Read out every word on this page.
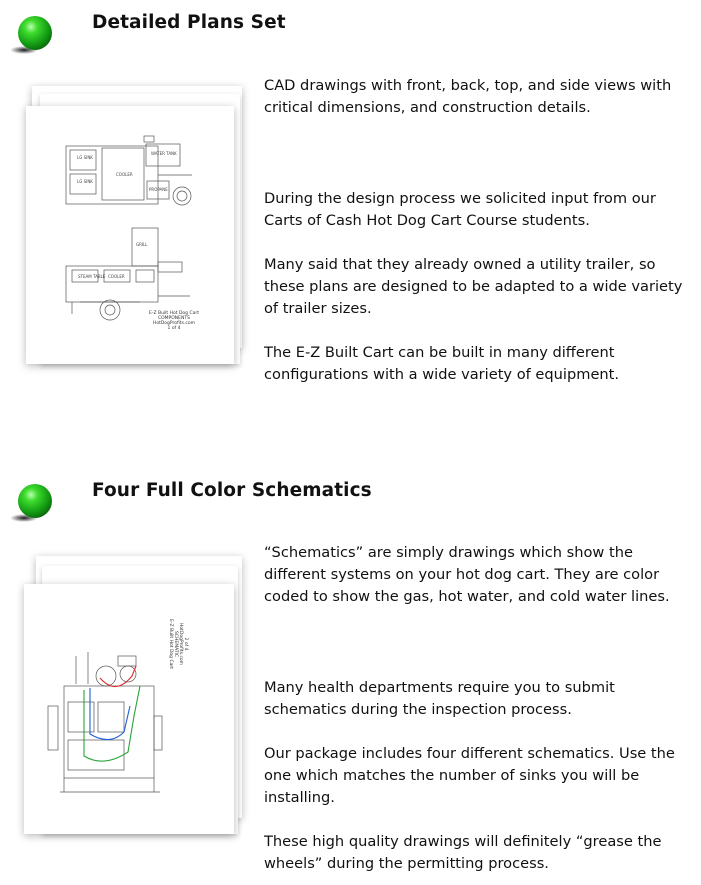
Detailed Plans Set
LG SINK
LG SINK
COOLER
WATER TANK
PROPANE
STEAM TABLE COOLER
GRILL
E-Z Built Hot Dog Cart
COMPONENTS
HotDogProfits.com
1 of 4

CAD drawings with front, back, top, and side views with critical dimensions, and construction details.

During the design process we solicited input from our Carts of Cash Hot Dog Cart Course students.

Many said that they already owned a utility trailer, so these plans are designed to be adapted to a wide variety of trailer sizes.

The E-Z Built Cart can be built in many different configurations with a wide variety of equipment.

Four Full Color Schematics
E-Z Built Hot Dog Cart SCHEMATIC HotDogProfits.com 2 of 4

“Schematics” are simply drawings which show the different systems on your hot dog cart. They are color coded to show the gas, hot water, and cold water lines.

Many health departments require you to submit schematics during the inspection process.

Our package includes four different schematics. Use the one which matches the number of sinks you will be installing.

These high quality drawings will definitely “grease the wheels” during the permitting process.
